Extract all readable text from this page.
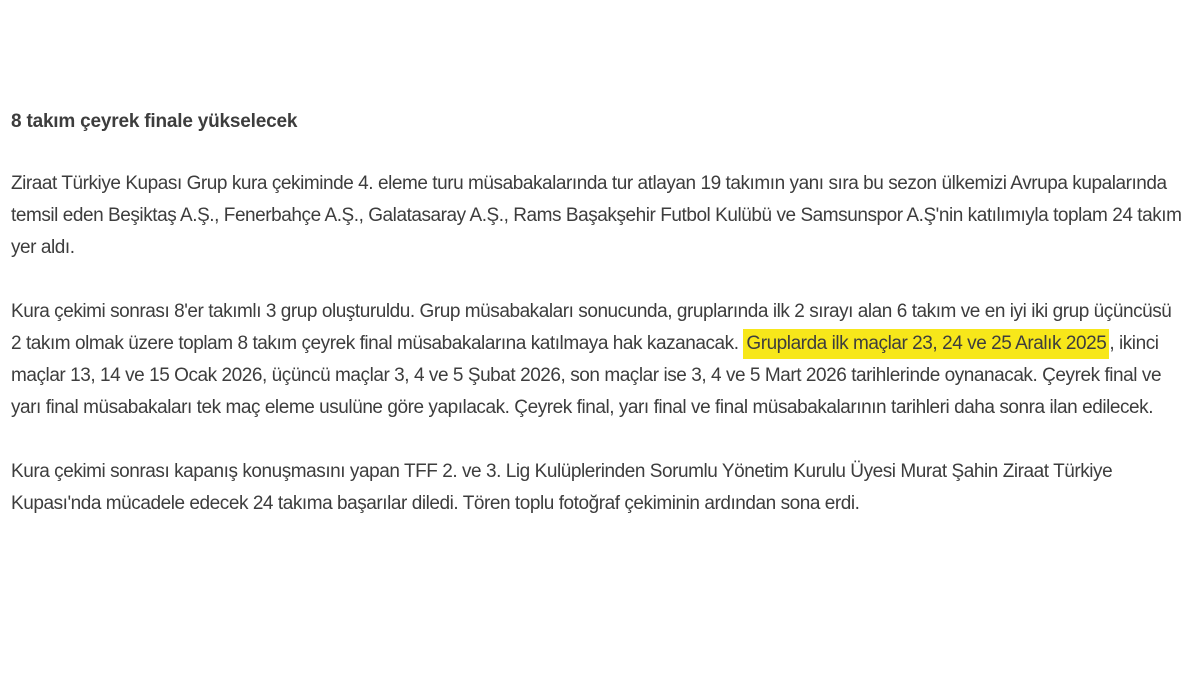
8 takım çeyrek finale yükselecek

Ziraat Türkiye Kupası Grup kura çekiminde 4. eleme turu müsabakalarında tur atlayan 19 takımın yanı sıra bu sezon ülkemizi Avrupa kupalarında temsil eden Beşiktaş A.Ş., Fenerbahçe A.Ş., Galatasaray A.Ş., Rams Başakşehir Futbol Kulübü ve Samsunspor A.Ş'nin katılımıyla toplam 24 takım yer aldı.

Kura çekimi sonrası 8'er takımlı 3 grup oluşturuldu. Grup müsabakaları sonucunda, gruplarında ilk 2 sırayı alan 6 takım ve en iyi iki grup üçüncüsü 2 takım olmak üzere toplam 8 takım çeyrek final müsabakalarına katılmaya hak kazanacak. Gruplarda ilk maçlar 23, 24 ve 25 Aralık 2025 , ikinci maçlar 13, 14 ve 15 Ocak 2026, üçüncü maçlar 3, 4 ve 5 Şubat 2026, son maçlar ise 3, 4 ve 5 Mart 2026 tarihlerinde oynanacak. Çeyrek final ve yarı final müsabakaları tek maç eleme usulüne göre yapılacak. Çeyrek final, yarı final ve final müsabakalarının tarihleri daha sonra ilan edilecek.

Kura çekimi sonrası kapanış konuşmasını yapan TFF 2. ve 3. Lig Kulüplerinden Sorumlu Yönetim Kurulu Üyesi Murat Şahin Ziraat Türkiye Kupası'nda mücadele edecek 24 takıma başarılar diledi. Tören toplu fotoğraf çekiminin ardından sona erdi.
